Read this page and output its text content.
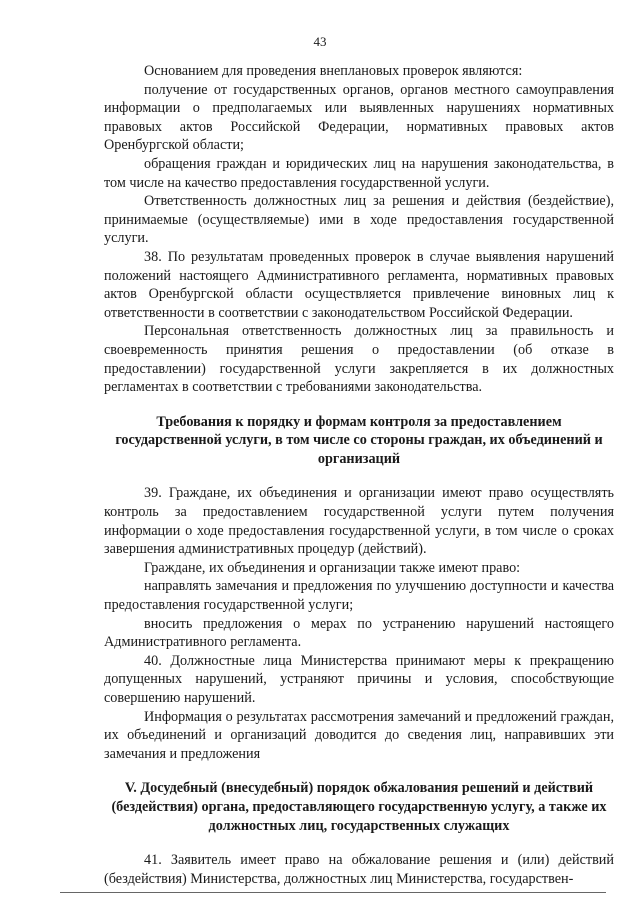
43

Основанием для проведения внеплановых проверок являются:

получение от государственных органов, органов местного самоуправления информации о предполагаемых или выявленных нарушениях нормативных правовых актов Российской Федерации, нормативных правовых актов Оренбургской области;

обращения граждан и юридических лиц на нарушения законодательства, в том числе на качество предоставления государственной услуги.

Ответственность должностных лиц за решения и действия (бездействие), принимаемые (осуществляемые) ими в ходе предоставления государственной услуги.

38. По результатам проведенных проверок в случае выявления нарушений положений настоящего Административного регламента, нормативных правовых актов Оренбургской области осуществляется привлечение виновных лиц к ответственности в соответствии с законодательством Российской Федерации.

Персональная ответственность должностных лиц за правильность и своевременность принятия решения о предоставлении (об отказе в предоставлении) государственной услуги закрепляется в их должностных регламентах в соответствии с требованиями законодательства.

Требования к порядку и формам контроля за предоставлением государственной услуги, в том числе со стороны граждан, их объединений и организаций

39. Граждане, их объединения и организации имеют право осуществлять контроль за предоставлением государственной услуги путем получения информации о ходе предоставления государственной услуги, в том числе о сроках завершения административных процедур (действий).

Граждане, их объединения и организации также имеют право:

направлять замечания и предложения по улучшению доступности и качества предоставления государственной услуги;

вносить предложения о мерах по устранению нарушений настоящего Административного регламента.

40. Должностные лица Министерства принимают меры к прекращению допущенных нарушений, устраняют причины и условия, способствующие совершению нарушений.

Информация о результатах рассмотрения замечаний и предложений граждан, их объединений и организаций доводится до сведения лиц, направивших эти замечания и предложения

V. Досудебный (внесудебный) порядок обжалования решений и действий (бездействия) органа, предоставляющего государственную услугу, а также их должностных лиц, государственных служащих

41. Заявитель имеет право на обжалование решения и (или) действий (бездействия) Министерства, должностных лиц Министерства, государствен-
